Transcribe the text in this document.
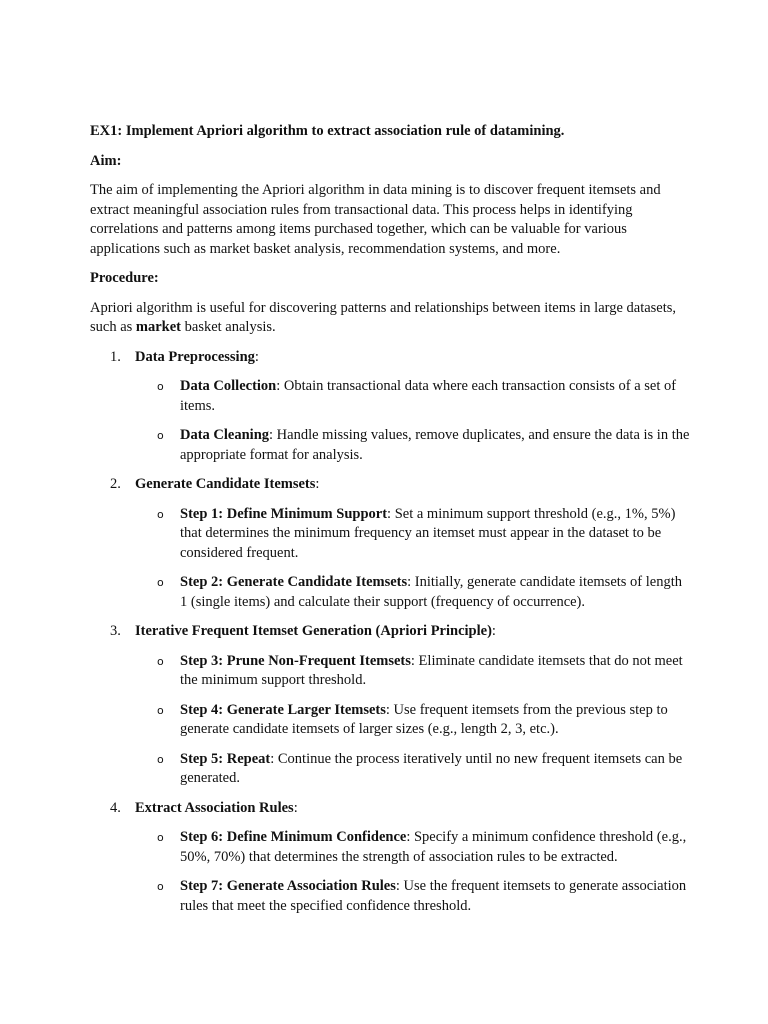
EX1: Implement Apriori algorithm to extract association rule of datamining.

Aim:

The aim of implementing the Apriori algorithm in data mining is to discover frequent itemsets and extract meaningful association rules from transactional data. This process helps in identifying correlations and patterns among items purchased together, which can be valuable for various applications such as market basket analysis, recommendation systems, and more.

Procedure:

Apriori algorithm is useful for discovering patterns and relationships between items in large datasets, such as market basket analysis.

1. Data Preprocessing:
o Data Collection: Obtain transactional data where each transaction consists of a set of items.
o Data Cleaning: Handle missing values, remove duplicates, and ensure the data is in the appropriate format for analysis.
2. Generate Candidate Itemsets:
o Step 1: Define Minimum Support: Set a minimum support threshold (e.g., 1%, 5%) that determines the minimum frequency an itemset must appear in the dataset to be considered frequent.
o Step 2: Generate Candidate Itemsets: Initially, generate candidate itemsets of length 1 (single items) and calculate their support (frequency of occurrence).
3. Iterative Frequent Itemset Generation (Apriori Principle):
o Step 3: Prune Non-Frequent Itemsets: Eliminate candidate itemsets that do not meet the minimum support threshold.
o Step 4: Generate Larger Itemsets: Use frequent itemsets from the previous step to generate candidate itemsets of larger sizes (e.g., length 2, 3, etc.).
o Step 5: Repeat: Continue the process iteratively until no new frequent itemsets can be generated.
4. Extract Association Rules:
o Step 6: Define Minimum Confidence: Specify a minimum confidence threshold (e.g., 50%, 70%) that determines the strength of association rules to be extracted.
o Step 7: Generate Association Rules: Use the frequent itemsets to generate association rules that meet the specified confidence threshold.
